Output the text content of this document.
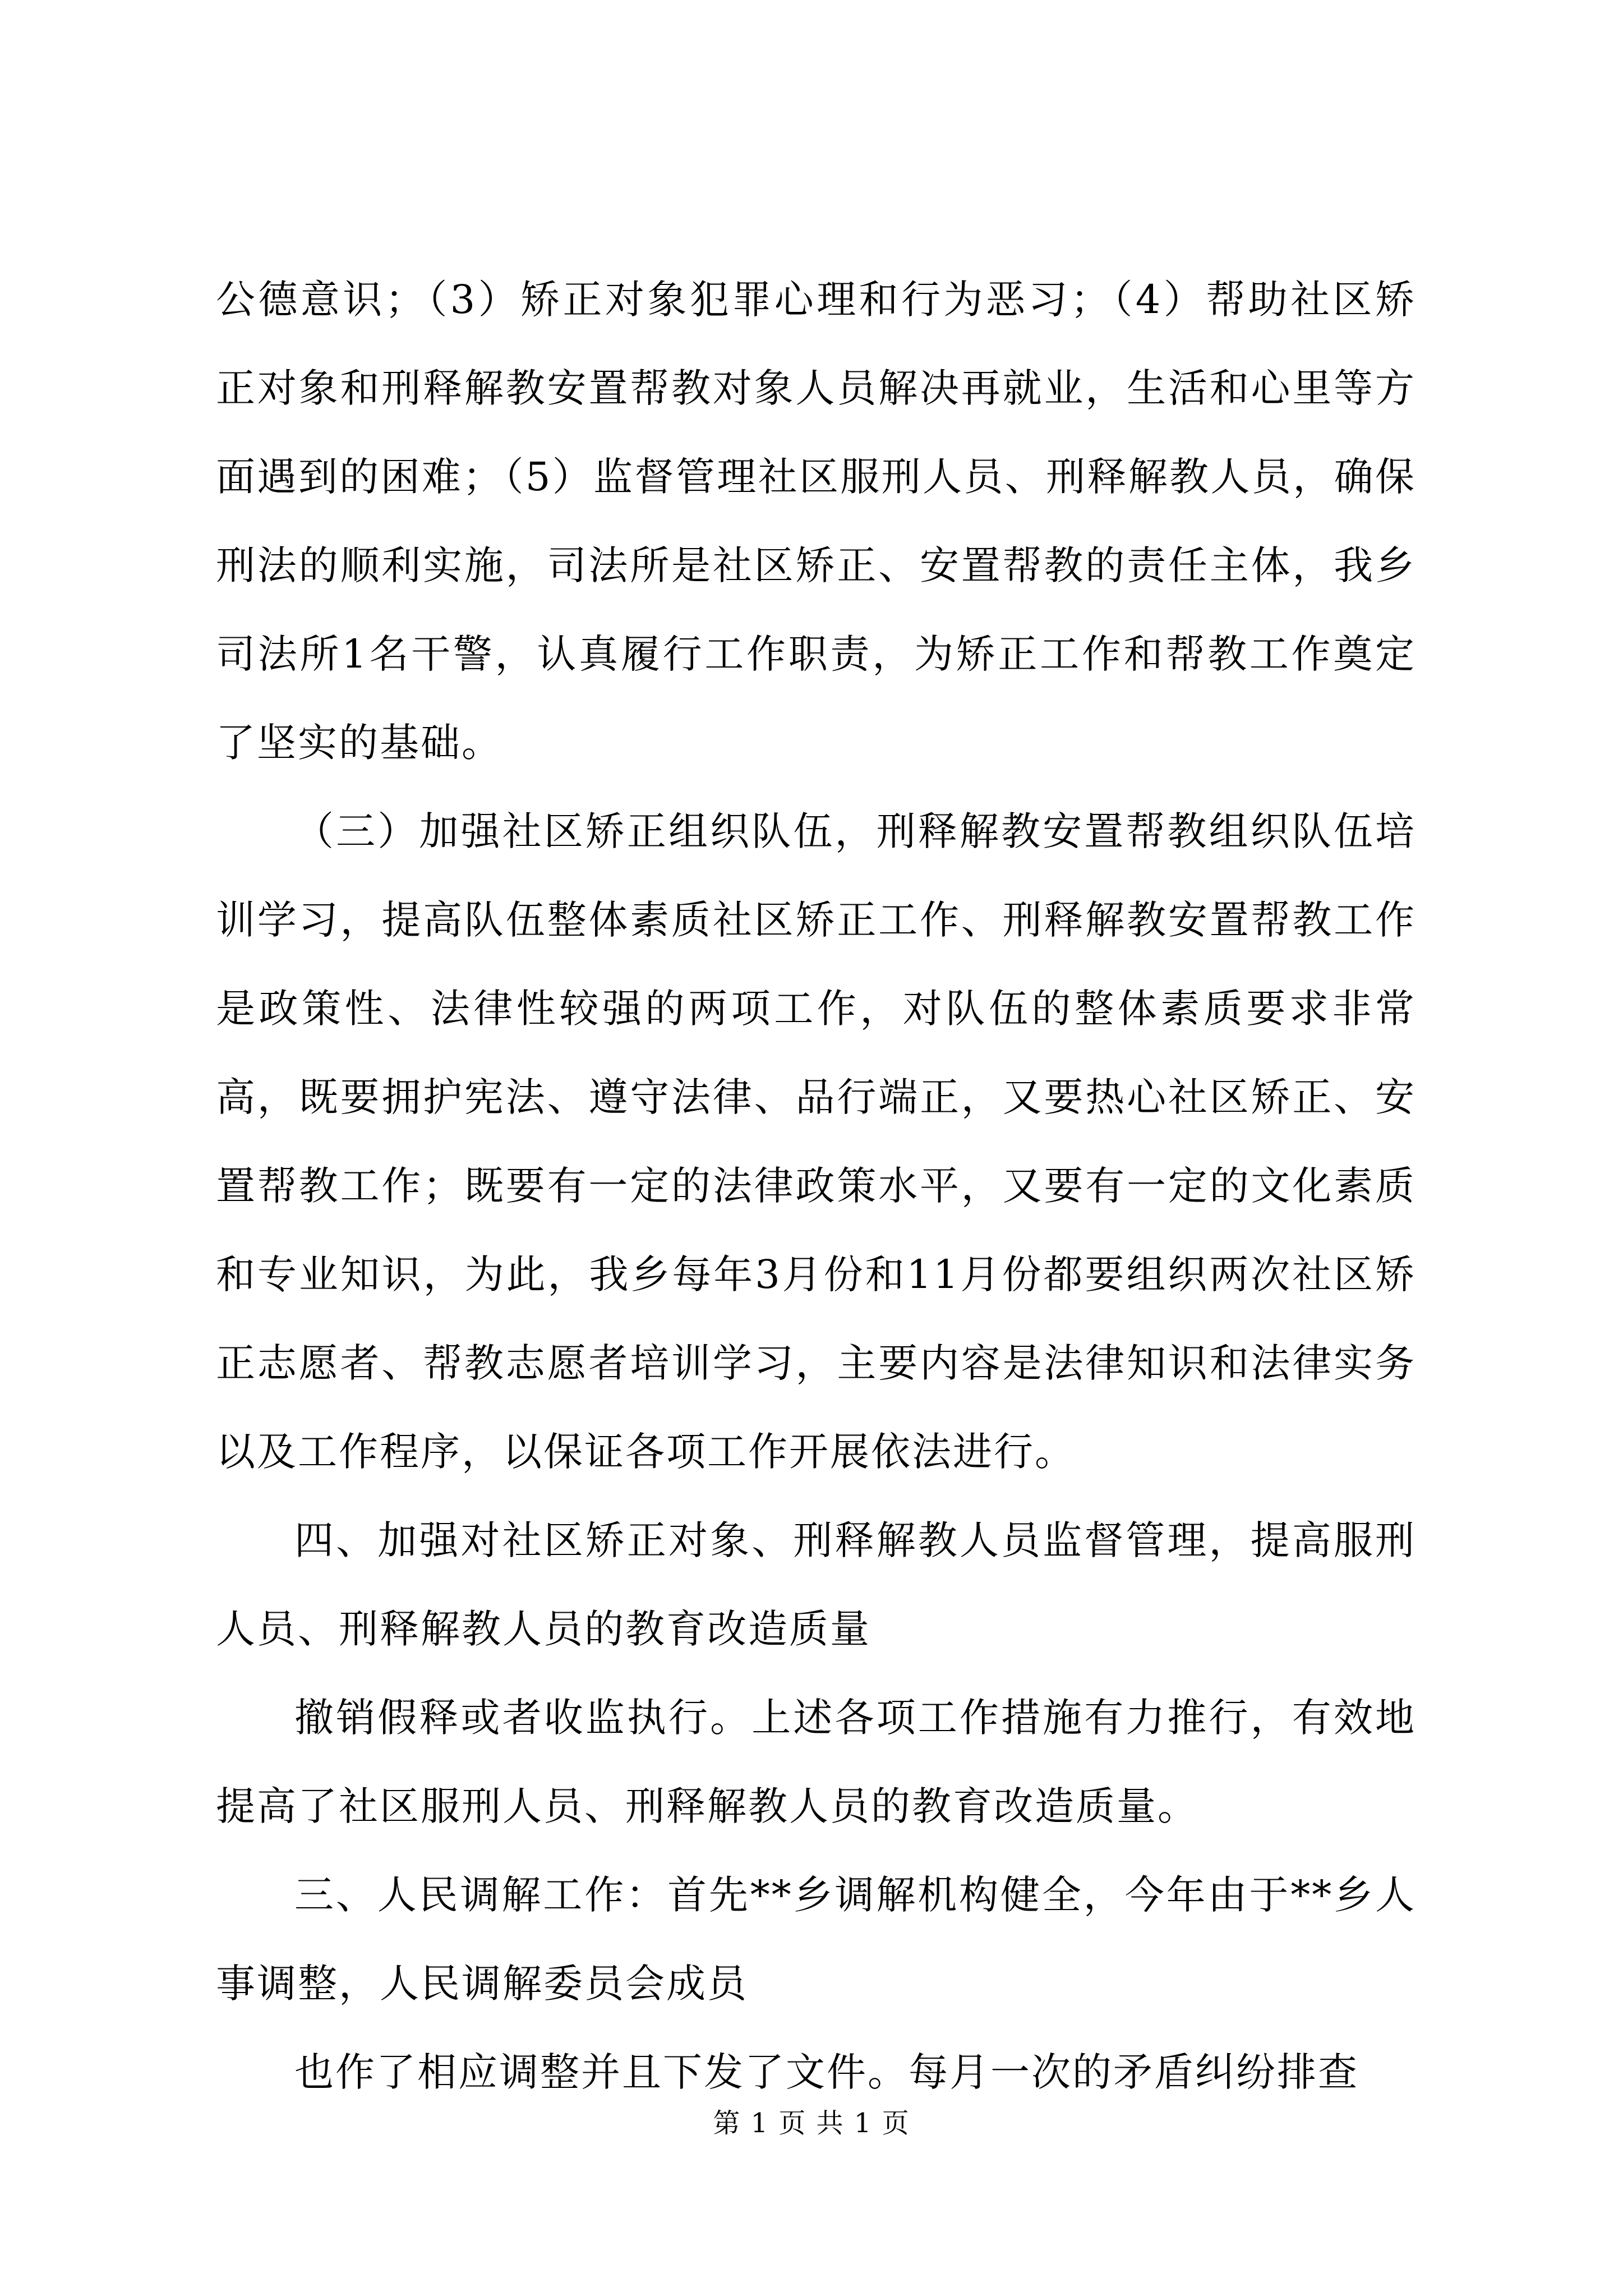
公德意识；（3）矫正对象犯罪心理和行为恶习；（4）帮助社区矫正对象和刑释解教安置帮教对象人员解决再就业，生活和心里等方面遇到的困难；（5）监督管理社区服刑人员、刑释解教人员，确保刑法的顺利实施，司法所是社区矫正、安置帮教的责任主体，我乡司法所1名干警，认真履行工作职责，为矫正工作和帮教工作奠定了坚实的基础。

（三）加强社区矫正组织队伍，刑释解教安置帮教组织队伍培训学习，提高队伍整体素质社区矫正工作、刑释解教安置帮教工作是政策性、法律性较强的两项工作，对队伍的整体素质要求非常高，既要拥护宪法、遵守法律、品行端正，又要热心社区矫正、安置帮教工作；既要有一定的法律政策水平，又要有一定的文化素质和专业知识，为此，我乡每年3月份和11月份都要组织两次社区矫正志愿者、帮教志愿者培训学习，主要内容是法律知识和法律实务以及工作程序，以保证各项工作开展依法进行。

四、加强对社区矫正对象、刑释解教人员监督管理，提高服刑人员、刑释解教人员的教育改造质量

撤销假释或者收监执行。上述各项工作措施有力推行，有效地提高了社区服刑人员、刑释解教人员的教育改造质量。

三、人民调解工作：首先**乡调解机构健全，今年由于**乡人事调整，人民调解委员会成员

也作了相应调整并且下发了文件。每月一次的矛盾纠纷排查

第 1 页 共 1 页
